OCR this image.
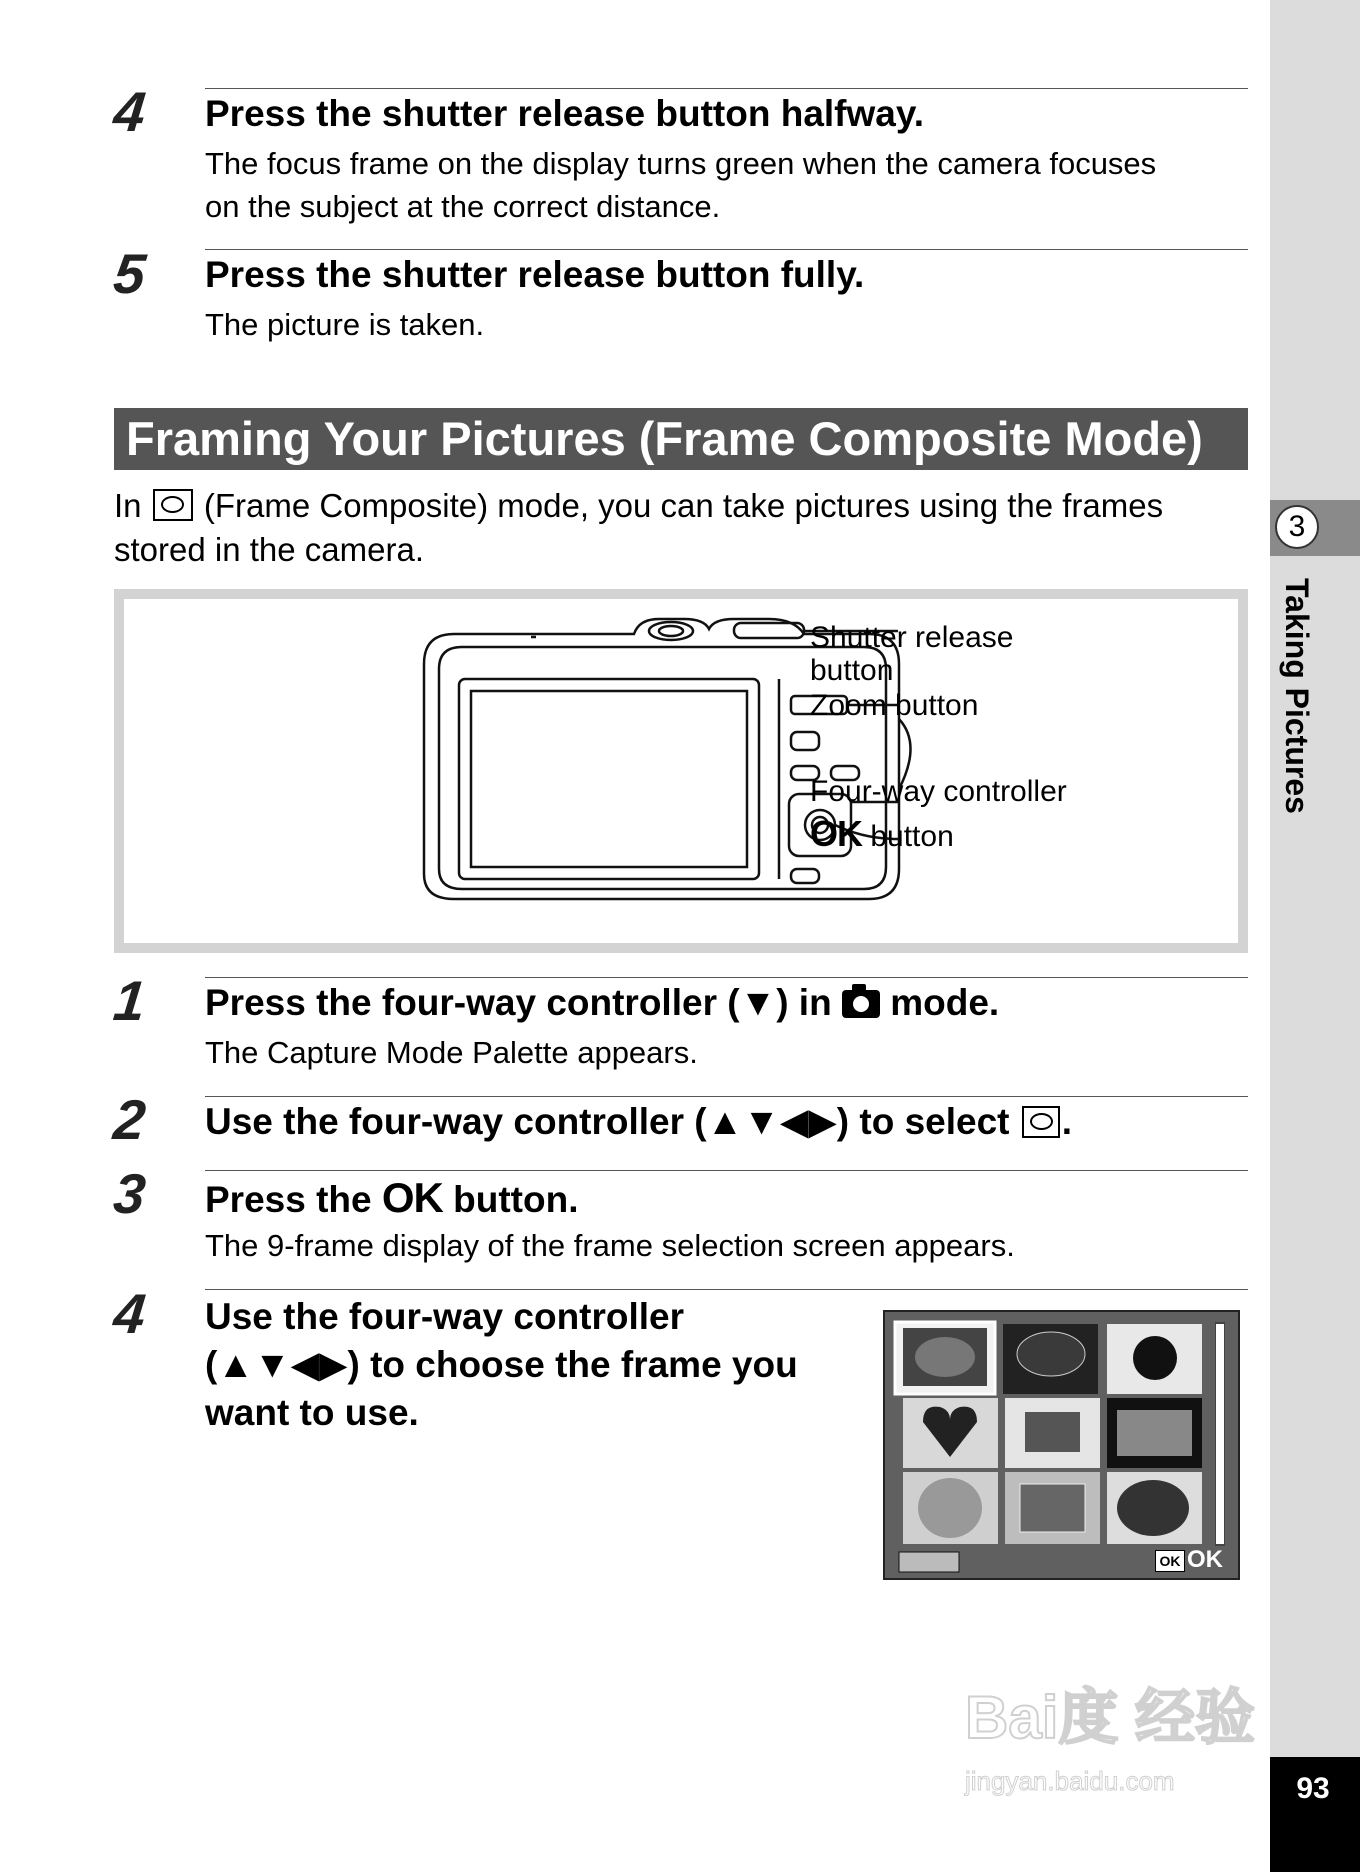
3
Taking Pictures
93
4 Press the shutter release button halfway.
The focus frame on the display turns green when the camera focuses
on the subject at the correct distance.
5 Press the shutter release button fully.
The picture is taken.
Framing Your Pictures (Frame Composite Mode)
In (Frame Composite) mode, you can take pictures using the frames
stored in the camera.
Shutter release
button
Zoom button
Four-way controller
OK button
1 Press the four-way controller (▼) in mode.
The Capture Mode Palette appears.
2 Use the four-way controller (▲▼◀▶) to select .
3 Press the OK button.
The 9-frame display of the frame selection screen appears.
4 Use the four-way controller
(▲▼◀▶) to choose the frame you
want to use.
OK OK
Bai度 经验
jingyan.baidu.com
